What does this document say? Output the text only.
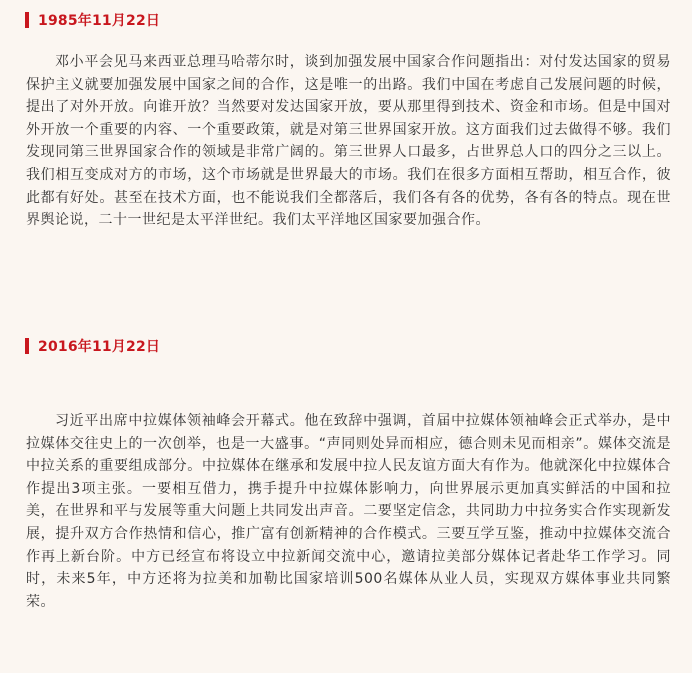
1985年11月22日

邓小平会见马来西亚总理马哈蒂尔时，谈到加强发展中国家合作问题指出：对付发达国家的贸易保护主义就要加强发展中国家之间的合作，这是唯一的出路。我们中国在考虑自己发展问题的时候，提出了对外开放。向谁开放？当然要对发达国家开放，要从那里得到技术、资金和市场。但是中国对外开放一个重要的内容、一个重要政策，就是对第三世界国家开放。这方面我们过去做得不够。我们发现同第三世界国家合作的领域是非常广阔的。第三世界人口最多，占世界总人口的四分之三以上。我们相互变成对方的市场，这个市场就是世界最大的市场。我们在很多方面相互帮助，相互合作，彼此都有好处。甚至在技术方面，也不能说我们全都落后，我们各有各的优势，各有各的特点。现在世界舆论说，二十一世纪是太平洋世纪。我们太平洋地区国家要加强合作。

2016年11月22日

习近平出席中拉媒体领袖峰会开幕式。他在致辞中强调，首届中拉媒体领袖峰会正式举办，是中拉媒体交往史上的一次创举，也是一大盛事。“声同则处异而相应，德合则未见而相亲”。媒体交流是中拉关系的重要组成部分。中拉媒体在继承和发展中拉人民友谊方面大有作为。他就深化中拉媒体合作提出3项主张。一要相互借力，携手提升中拉媒体影响力，向世界展示更加真实鲜活的中国和拉美，在世界和平与发展等重大问题上共同发出声音。二要坚定信念，共同助力中拉务实合作实现新发展，提升双方合作热情和信心，推广富有创新精神的合作模式。三要互学互鉴，推动中拉媒体交流合作再上新台阶。中方已经宣布将设立中拉新闻交流中心，邀请拉美部分媒体记者赴华工作学习。同时，未来5年，中方还将为拉美和加勒比国家培训500名媒体从业人员，实现双方媒体事业共同繁荣。
